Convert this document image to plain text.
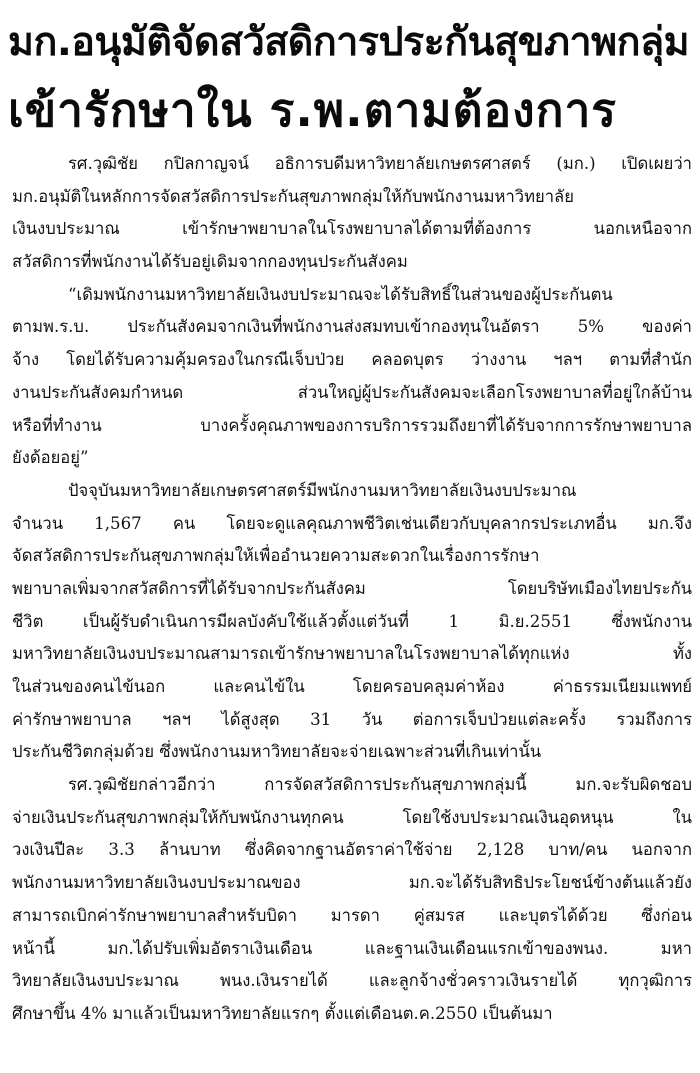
มก.อนุมัติจัดสวัสดิการประกันสุขภาพกลุ่ม
เข้ารักษาใน ร.พ.ตามต้องการ
รศ.วุฒิชัย กปิลกาญจน์ อธิการบดีมหาวิทยาลัยเกษตรศาสตร์ (มก.) เปิดเผยว่า
มก.อนุมัติในหลักการจัดสวัสดิการประกันสุขภาพกลุ่มให้กับพนักงานมหาวิทยาลัย
เงินงบประมาณ เข้ารักษาพยาบาลในโรงพยาบาลได้ตามที่ต้องการ นอกเหนือจาก
สวัสดิการที่พนักงานได้รับอยู่เดิมจากกองทุนประกันสังคม
“เดิมพนักงานมหาวิทยาลัยเงินงบประมาณจะได้รับสิทธิ์ในส่วนของผู้ประกันตน
ตามพ.ร.บ. ประกันสังคมจากเงินที่พนักงานส่งสมทบเข้ากองทุนในอัตรา 5% ของค่า
จ้าง โดยได้รับความคุ้มครองในกรณีเจ็บป่วย คลอดบุตร ว่างงาน ฯลฯ ตามที่สำนัก
งานประกันสังคมกำหนด ส่วนใหญ่ผู้ประกันสังคมจะเลือกโรงพยาบาลที่อยู่ใกล้บ้าน
หรือที่ทำงาน บางครั้งคุณภาพของการบริการรวมถึงยาที่ได้รับจากการรักษาพยาบาล
ยังด้อยอยู่”
ปัจจุบันมหาวิทยาลัยเกษตรศาสตร์มีพนักงานมหาวิทยาลัยเงินงบประมาณ
จำนวน 1,567 คน โดยจะดูแลคุณภาพชีวิตเช่นเดียวกับบุคลากรประเภทอื่น มก.จึง
จัดสวัสดิการประกันสุขภาพกลุ่มให้เพื่ออำนวยความสะดวกในเรื่องการรักษา
พยาบาลเพิ่มจากสวัสดิการที่ได้รับจากประกันสังคม โดยบริษัทเมืองไทยประกัน
ชีวิต เป็นผู้รับดำเนินการมีผลบังคับใช้แล้วตั้งแต่วันที่ 1 มิ.ย.2551 ซึ่งพนักงาน
มหาวิทยาลัยเงินงบประมาณสามารถเข้ารักษาพยาบาลในโรงพยาบาลได้ทุกแห่ง ทั้ง
ในส่วนของคนไข้นอก และคนไข้ใน โดยครอบคลุมค่าห้อง ค่าธรรมเนียมแพทย์
ค่ารักษาพยาบาล ฯลฯ ได้สูงสุด 31 วัน ต่อการเจ็บป่วยแต่ละครั้ง รวมถึงการ
ประกันชีวิตกลุ่มด้วย ซึ่งพนักงานมหาวิทยาลัยจะจ่ายเฉพาะส่วนที่เกินเท่านั้น
รศ.วุฒิชัยกล่าวอีกว่า การจัดสวัสดิการประกันสุขภาพกลุ่มนี้ มก.จะรับผิดชอบ
จ่ายเงินประกันสุขภาพกลุ่มให้กับพนักงานทุกคน โดยใช้งบประมาณเงินอุดหนุน ใน
วงเงินปีละ 3.3 ล้านบาท ซึ่งคิดจากฐานอัตราค่าใช้จ่าย 2,128 บาท/คน นอกจาก
พนักงานมหาวิทยาลัยเงินงบประมาณของ มก.จะได้รับสิทธิประโยชน์ข้างต้นแล้วยัง
สามารถเบิกค่ารักษาพยาบาลสำหรับบิดา มารดา คู่สมรส และบุตรได้ด้วย ซึ่งก่อน
หน้านี้ มก.ได้ปรับเพิ่มอัตราเงินเดือน และฐานเงินเดือนแรกเข้าของพนง. มหา
วิทยาลัยเงินงบประมาณ พนง.เงินรายได้ และลูกจ้างชั่วคราวเงินรายได้ ทุกวุฒิการ
ศึกษาขึ้น 4% มาแล้วเป็นมหาวิทยาลัยแรกๆ ตั้งแต่เดือนต.ค.2550 เป็นต้นมา
